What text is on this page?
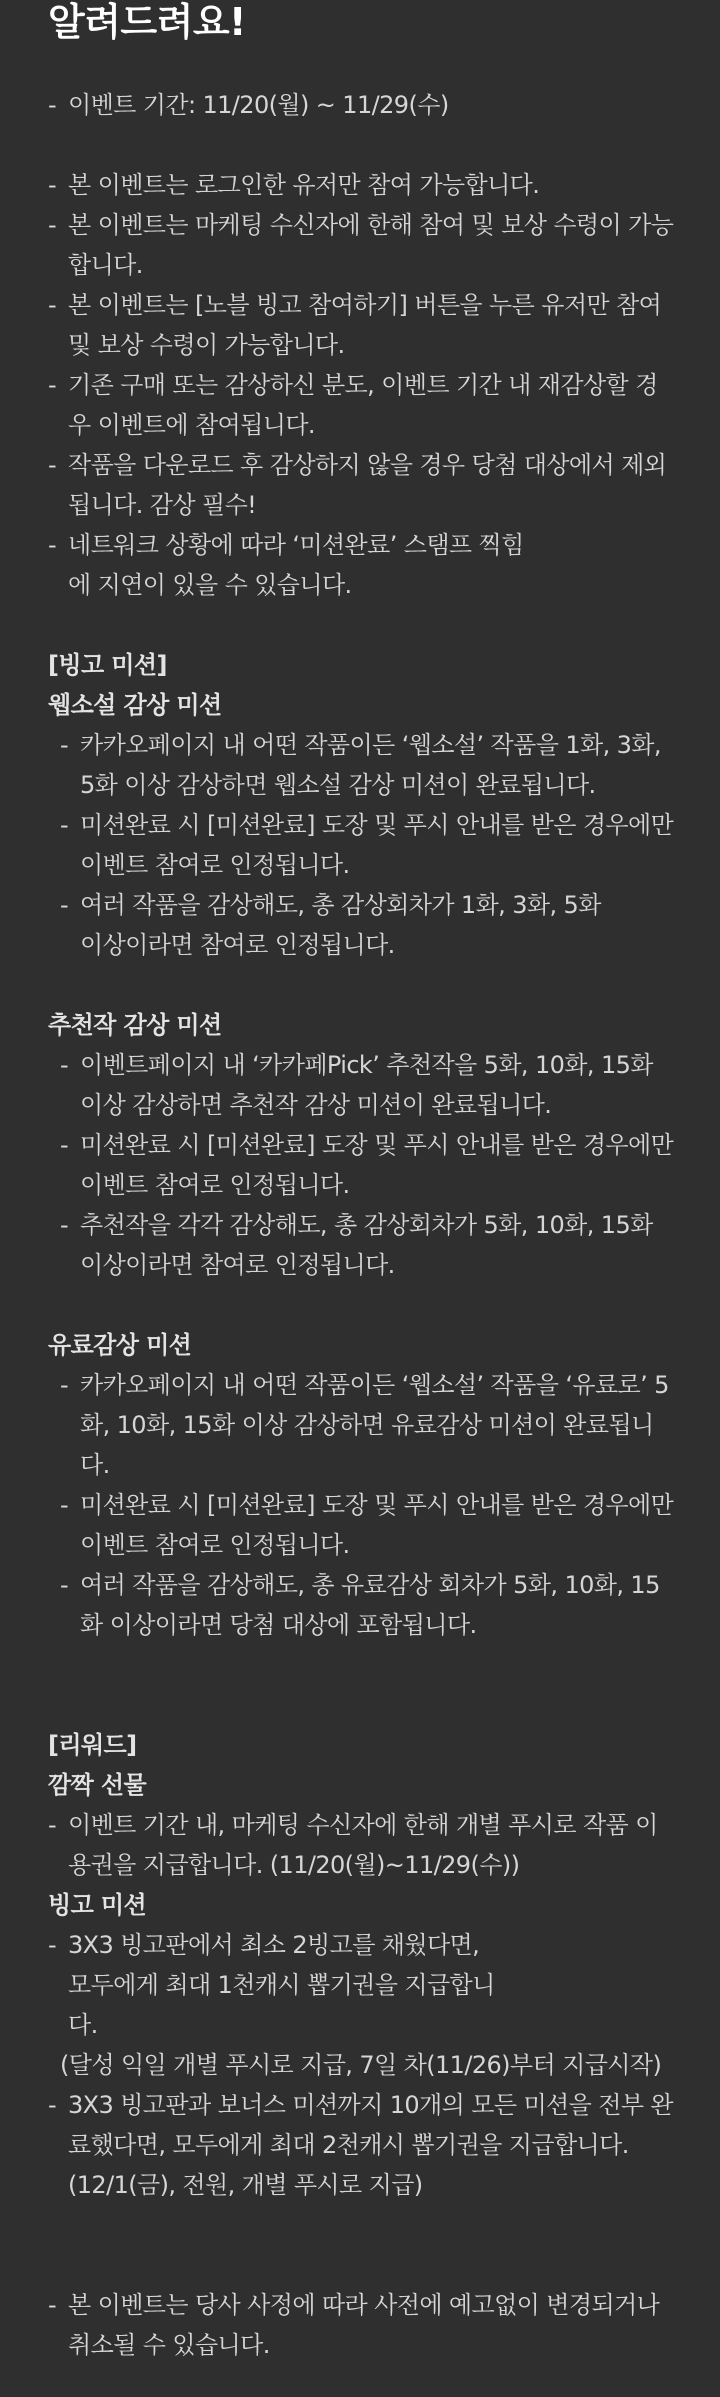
알려드려요!
- 이벤트 기간: 11/20(월) ~ 11/29(수)
- 본 이벤트는 로그인한 유저만 참여 가능합니다.
- 본 이벤트는 마케팅 수신자에 한해 참여 및 보상 수령이 가능합니다.
- 본 이벤트는 [노블 빙고 참여하기] 버튼을 누른 유저만 참여 및 보상 수령이 가능합니다.
- 기존 구매 또는 감상하신 분도, 이벤트 기간 내 재감상할 경우 이벤트에 참여됩니다.
- 작품을 다운로드 후 감상하지 않을 경우 당첨 대상에서 제외됩니다. 감상 필수!
- 네트워크 상황에 따라 ‘미션완료’ 스탬프 찍힘에 지연이 있을 수 있습니다.
[빙고 미션]
웹소설 감상 미션
- 카카오페이지 내 어떤 작품이든 ‘웹소설’ 작품을 1화, 3화, 5화 이상 감상하면 웹소설 감상 미션이 완료됩니다.
- 미션완료 시 [미션완료] 도장 및 푸시 안내를 받은 경우에만 이벤트 참여로 인정됩니다.
- 여러 작품을 감상해도, 총 감상회차가 1화, 3화, 5화 이상이라면 참여로 인정됩니다.
추천작 감상 미션
- 이벤트페이지 내 ‘카카페Pick’ 추천작을 5화, 10화, 15화 이상 감상하면 추천작 감상 미션이 완료됩니다.
- 미션완료 시 [미션완료] 도장 및 푸시 안내를 받은 경우에만 이벤트 참여로 인정됩니다.
- 추천작을 각각 감상해도, 총 감상회차가 5화, 10화, 15화 이상이라면 참여로 인정됩니다.
유료감상 미션
- 카카오페이지 내 어떤 작품이든 ‘웹소설’ 작품을 ‘유료로’ 5화, 10화, 15화 이상 감상하면 유료감상 미션이 완료됩니다.
- 미션완료 시 [미션완료] 도장 및 푸시 안내를 받은 경우에만 이벤트 참여로 인정됩니다.
- 여러 작품을 감상해도, 총 유료감상 회차가 5화, 10화, 15화 이상이라면 당첨 대상에 포함됩니다.
[리워드]
깜짝 선물
- 이벤트 기간 내, 마케팅 수신자에 한해 개별 푸시로 작품 이용권을 지급합니다. (11/20(월)~11/29(수))
빙고 미션
- 3X3 빙고판에서 최소 2빙고를 채웠다면, 모두에게 최대 1천캐시 뽑기권을 지급합니다.
(달성 익일 개별 푸시로 지급, 7일 차(11/26)부터 지급시작)
- 3X3 빙고판과 보너스 미션까지 10개의 모든 미션을 전부 완료했다면, 모두에게 최대 2천캐시 뽑기권을 지급합니다.
(12/1(금), 전원, 개별 푸시로 지급)
- 본 이벤트는 당사 사정에 따라 사전에 예고없이 변경되거나 취소될 수 있습니다.
